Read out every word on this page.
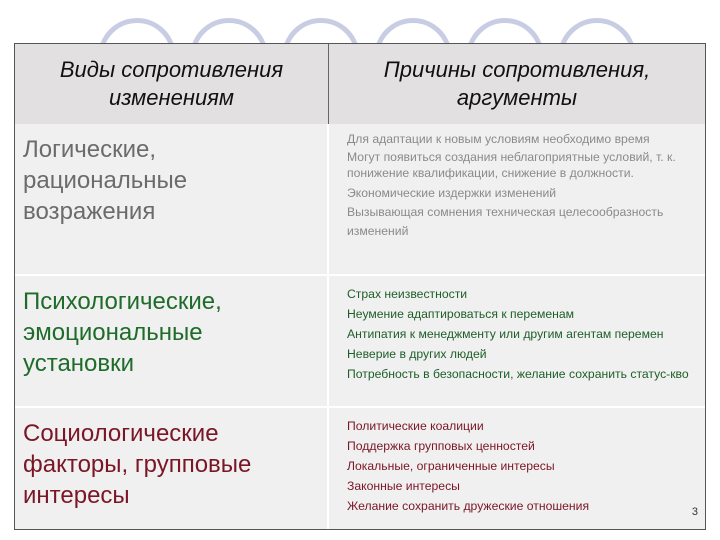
Виды сопротивления изменениям
Причины сопротивления, аргументы
Логические, рациональные возражения
Для адаптации к новым условиям необходимо время
Могут появиться создания неблагоприятные условий, т. к. понижение квалификации, снижение в должности.
Экономические издержки изменений
Вызывающая сомнения техническая целесообразность изменений
Психологические, эмоциональные установки
Страх неизвестности
Неумение адаптироваться к переменам
Антипатия к менеджменту или другим агентам перемен
Неверие в других людей
Потребность в безопасности, желание сохранить статус-кво
Социологические факторы, групповые интересы
Политические коалиции
Поддержка групповых ценностей
Локальные, ограниченные интересы
Законные интересы
Желание сохранить дружеские отношения	3
